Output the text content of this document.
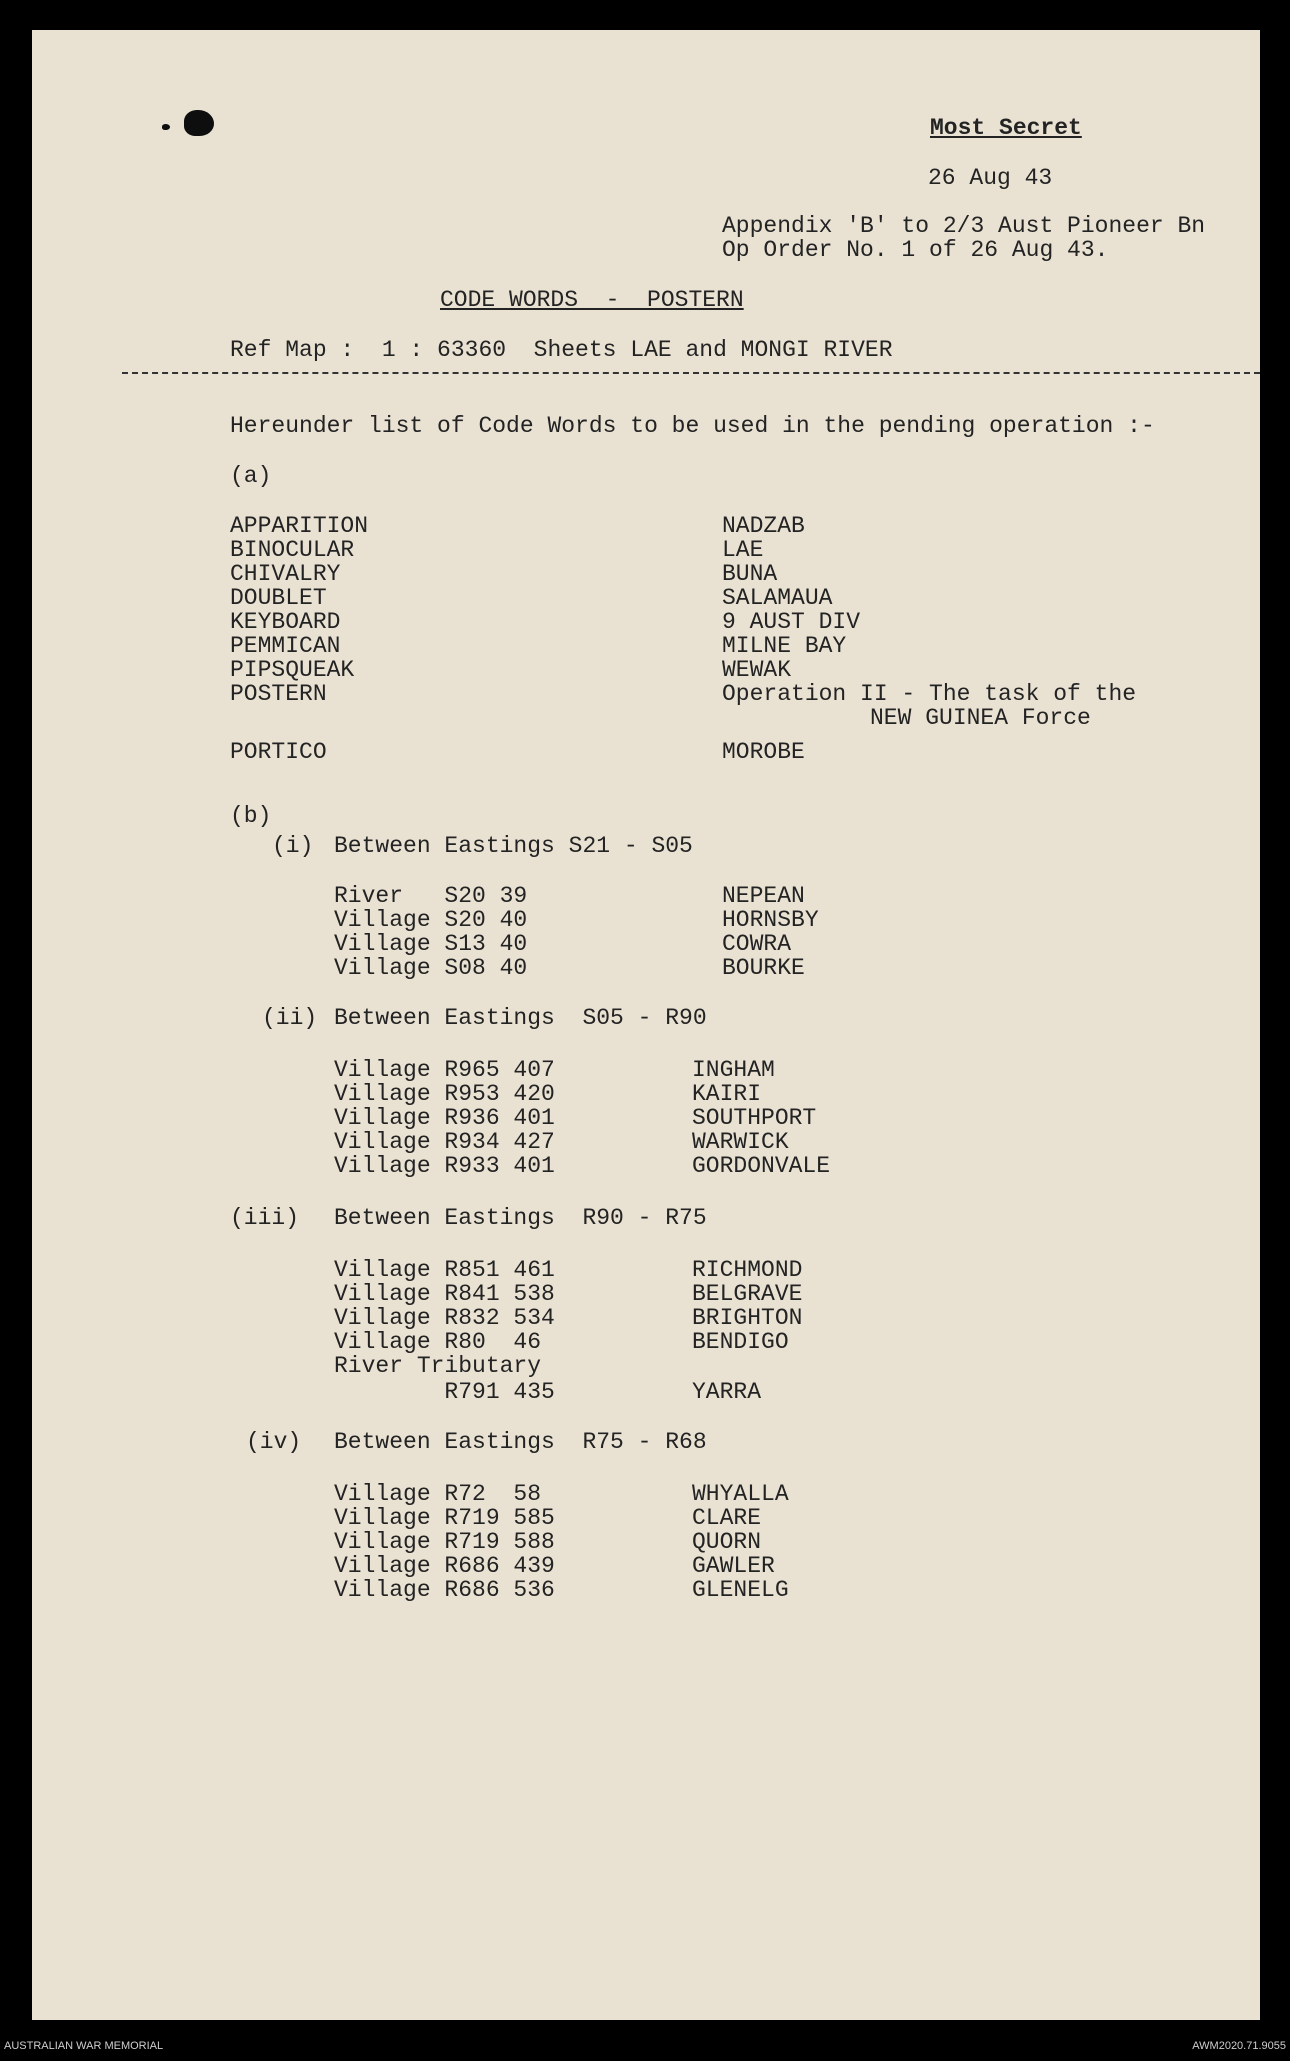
Most Secret
26 Aug 43
Appendix 'B' to 2/3 Aust Pioneer Bn
Op Order No. 1 of 26 Aug 43.
CODE WORDS  -  POSTERN
Ref Map :  1 : 63360  Sheets LAE and MONGI RIVER
Hereunder list of Code Words to be used in the pending operation :-
(a)
APPARITION	NADZAB
BINOCULAR	LAE
CHIVALRY	BUNA
DOUBLET	SALAMAUA
KEYBOARD	9 AUST DIV
PEMMICAN	MILNE BAY
PIPSQUEAK	WEWAK
POSTERN	Operation II - The task of the
NEW GUINEA Force
PORTICO	MOROBE
(b)
(i) Between Eastings S21 - S05
River   S20 39	NEPEAN
Village S20 40	HORNSBY
Village S13 40	COWRA
Village S08 40	BOURKE
(ii) Between Eastings  S05 - R90
Village R965 407	INGHAM
Village R953 420	KAIRI
Village R936 401	SOUTHPORT
Village R934 427	WARWICK
Village R933 401	GORDONVALE
(iii) Between Eastings  R90 - R75
Village R851 461	RICHMOND
Village R841 538	BELGRAVE
Village R832 534	BRIGHTON
Village R80  46	BENDIGO
River Tributary
R791 435	YARRA
(iv) Between Eastings  R75 - R68
Village R72  58	WHYALLA
Village R719 585	CLARE
Village R719 588	QUORN
Village R686 439	GAWLER
Village R686 536	GLENELG
AUSTRALIAN WAR MEMORIAL	AWM2020.71.9055
